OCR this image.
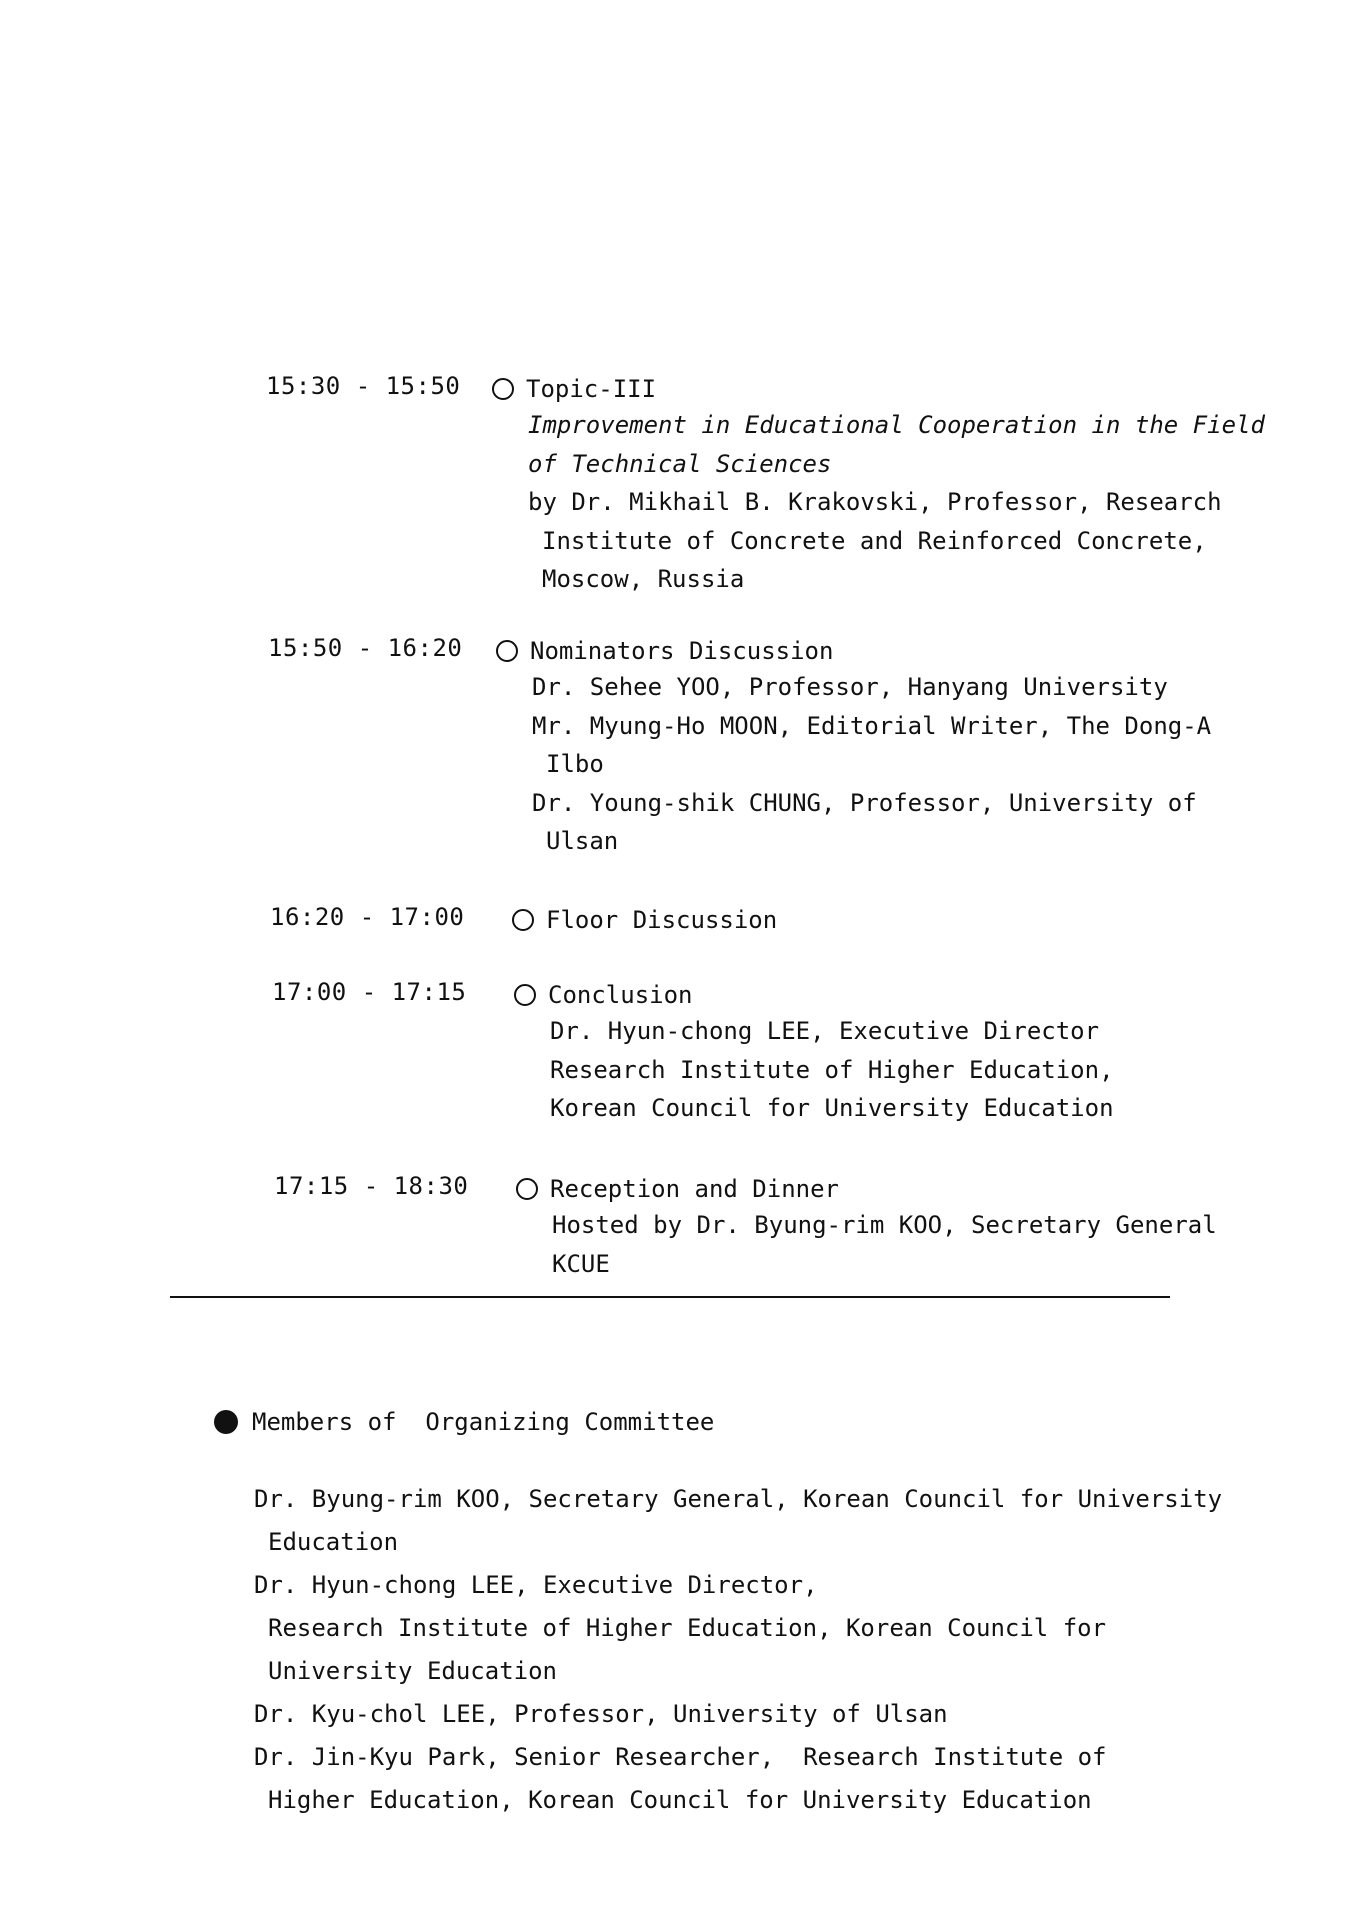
15:30 - 15:50	Topic-III
Improvement in Educational Cooperation in the Field
of Technical Sciences
by Dr. Mikhail B. Krakovski, Professor, Research
Institute of Concrete and Reinforced Concrete,
Moscow, Russia
15:50 - 16:20	Nominators Discussion
Dr. Sehee YOO, Professor, Hanyang University
Mr. Myung-Ho MOON, Editorial Writer, The Dong-A
Ilbo
Dr. Young-shik CHUNG, Professor, University of
Ulsan
16:20 - 17:00	Floor Discussion
17:00 - 17:15	Conclusion
Dr. Hyun-chong LEE, Executive Director
Research Institute of Higher Education,
Korean Council for University Education
17:15 - 18:30	Reception and Dinner
Hosted by Dr. Byung-rim KOO, Secretary General
KCUE
Members of  Organizing Committee
Dr. Byung-rim KOO, Secretary General, Korean Council for University
Education
Dr. Hyun-chong LEE, Executive Director,
Research Institute of Higher Education, Korean Council for
University Education
Dr. Kyu-chol LEE, Professor, University of Ulsan
Dr. Jin-Kyu Park, Senior Researcher,  Research Institute of
Higher Education, Korean Council for University Education
